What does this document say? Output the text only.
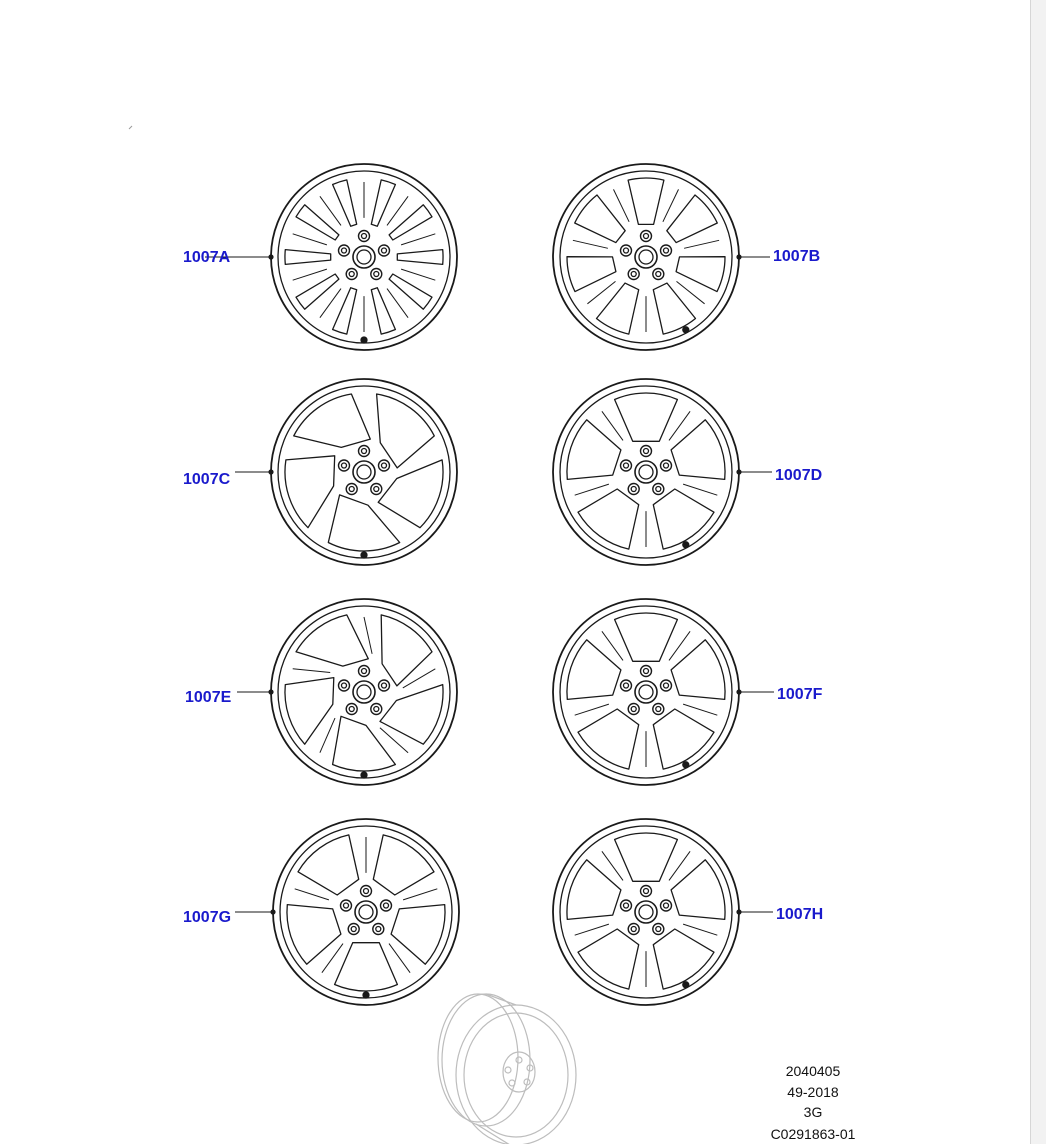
1007A	1007B
1007C	1007D
1007E	1007F
1007G	1007H
2040405
49-2018
3G
C0291863-01
